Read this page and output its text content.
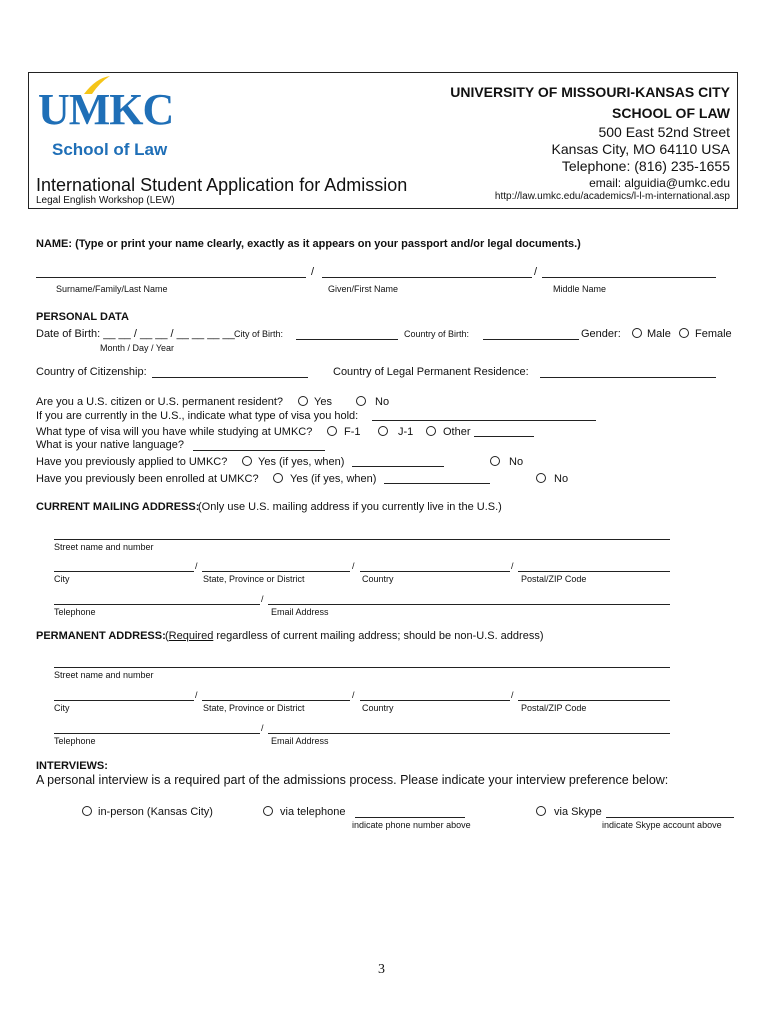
UMKC
School of Law
UNIVERSITY OF MISSOURI-KANSAS CITY
SCHOOL OF LAW
500 East 52nd Street
Kansas City, MO 64110 USA
Telephone: (816) 235-1655
email: alguidia@umkc.edu
http://law.umkc.edu/academics/l-l-m-international.asp
International Student Application for Admission
Legal English Workshop (LEW)
NAME: (Type or print your name clearly, exactly as it appears on your passport and/or legal documents.)
/	/
Surname/Family/Last Name	Given/First Name	Middle Name
PERSONAL DATA
Date of Birth: __ __ / __ __ / __ __ __ __
Month / Day / Year
City of Birth:	Country of Birth:	Gender: Male Female
Country of Citizenship:	Country of Legal Permanent Residence:
Are you a U.S. citizen or U.S. permanent resident?	Yes	No
If you are currently in the U.S., indicate what type of visa you hold:
What type of visa will you have while studying at UMKC?	F-1	J-1	Other
What is your native language?
Have you previously applied to UMKC?	Yes (if yes, when)	No
Have you previously been enrolled at UMKC?	Yes (if yes, when)	No
CURRENT MAILING ADDRESS:
(Only use U.S. mailing address if you currently live in the U.S.)
Street name and number
/	/	/
City	State, Province or District	Country	Postal/ZIP Code
/
Telephone	Email Address
PERMANENT ADDRESS: (Required regardless of current mailing address; should be non-U.S. address)
Street name and number
/	/	/
City	State, Province or District	Country	Postal/ZIP Code
/
Telephone	Email Address
INTERVIEWS:
A personal interview is a required part of the admissions process. Please indicate your interview preference below:
in-person (Kansas City)	via telephone
indicate phone number above
via Skype
indicate Skype account above
3
